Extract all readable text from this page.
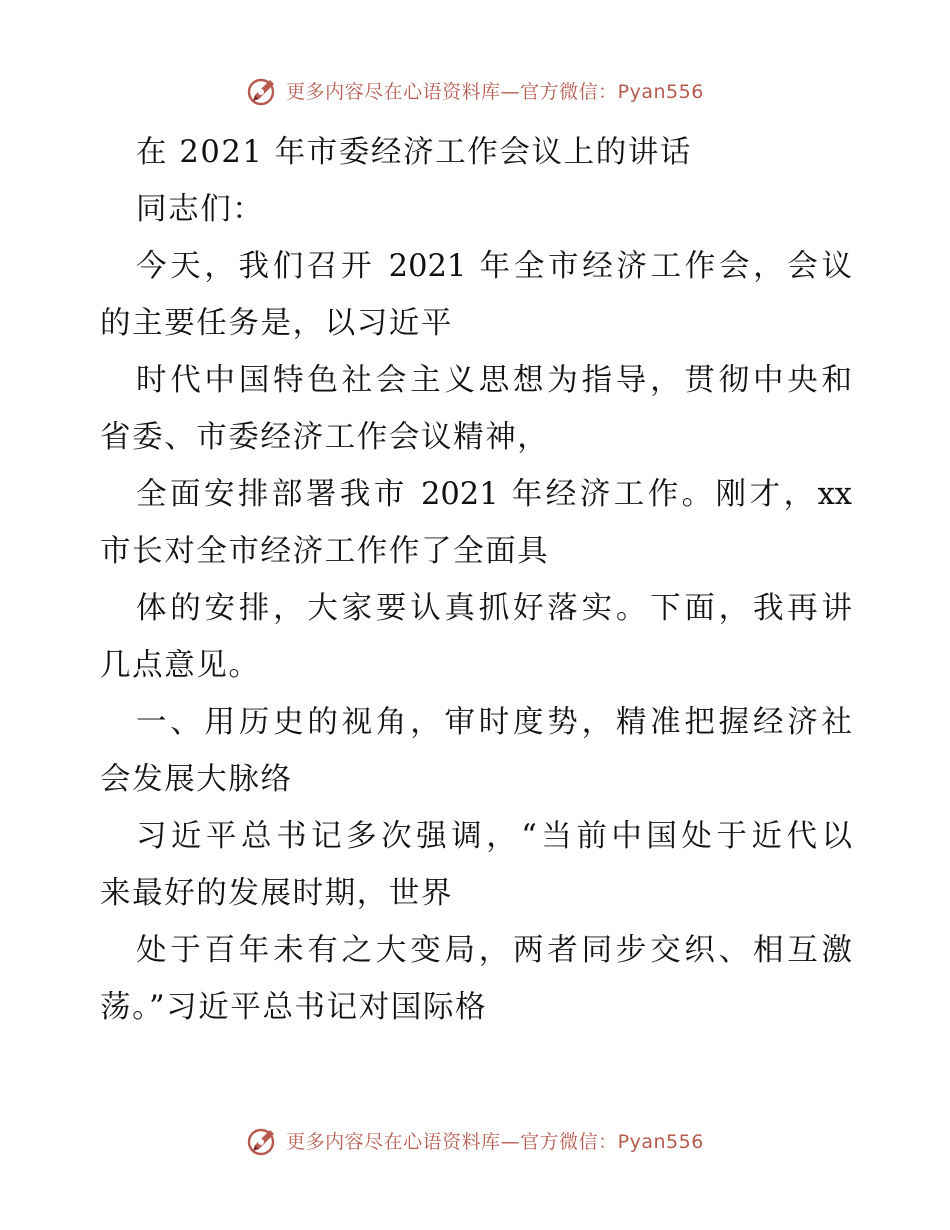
更多内容尽在心语资料库—官方微信：Pyan556
在 2021 年市委经济工作会议上的讲话
同志们：
今天，我们召开 2021 年全市经济工作会，会议
的主要任务是，以习近平
时代中国特色社会主义思想为指导，贯彻中央和
省委、市委经济工作会议精神，
全面安排部署我市 2021 年经济工作。刚才，xx
市长对全市经济工作作了全面具
体的安排，大家要认真抓好落实。下面，我再讲
几点意见。
一、用历史的视角，审时度势，精准把握经济社
会发展大脉络
习近平总书记多次强调，“当前中国处于近代以
来最好的发展时期，世界
处于百年未有之大变局，两者同步交织、相互激
荡。”习近平总书记对国际格
更多内容尽在心语资料库—官方微信：Pyan556
